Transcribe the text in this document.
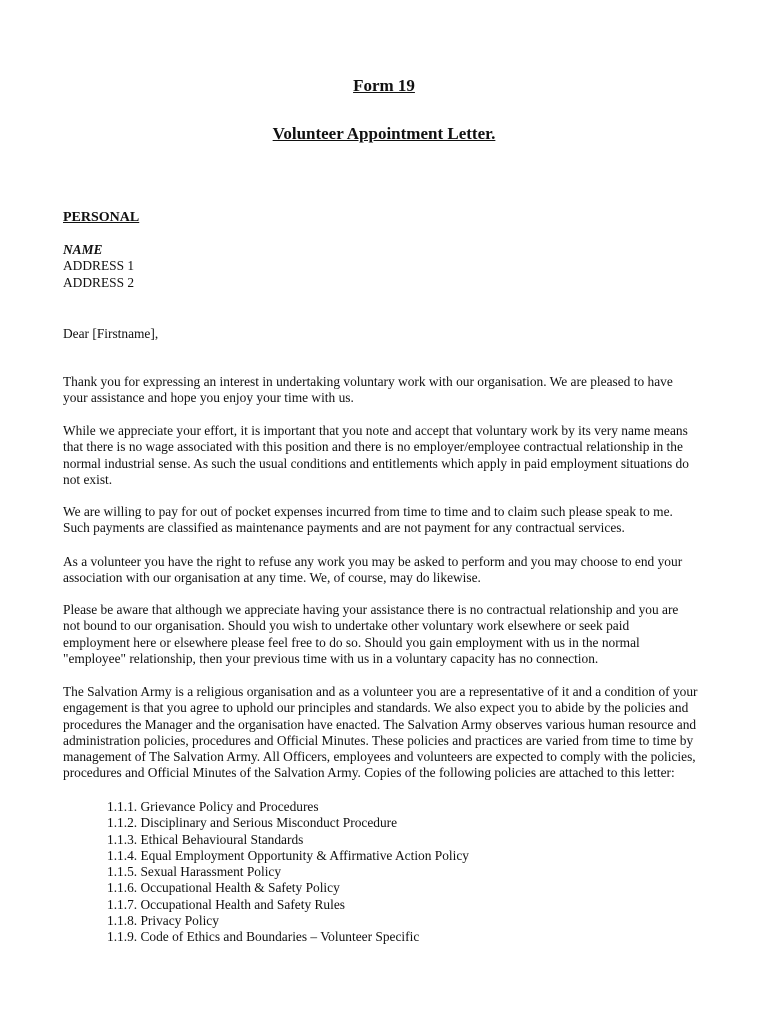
Form 19
Volunteer Appointment Letter.
PERSONAL
NAME
ADDRESS 1
ADDRESS 2
Dear [Firstname],
Thank you for expressing an interest in undertaking voluntary work with our organisation. We are pleased to have
your assistance and hope you enjoy your time with us.
While we appreciate your effort, it is important that you note and accept that voluntary work by its very name means
that there is no wage associated with this position and there is no employer/employee contractual relationship in the
normal industrial sense. As such the usual conditions and entitlements which apply in paid employment situations do
not exist.
We are willing to pay for out of pocket expenses incurred from time to time and to claim such please speak to me.
Such payments are classified as maintenance payments and are not payment for any contractual services.
As a volunteer you have the right to refuse any work you may be asked to perform and you may choose to end your
association with our organisation at any time. We, of course, may do likewise.
Please be aware that although we appreciate having your assistance there is no contractual relationship and you are
not bound to our organisation. Should you wish to undertake other voluntary work elsewhere or seek paid
employment here or elsewhere please feel free to do so. Should you gain employment with us in the normal
"employee" relationship, then your previous time with us in a voluntary capacity has no connection.
The Salvation Army is a religious organisation and as a volunteer you are a representative of it and a condition of your
engagement is that you agree to uphold our principles and standards. We also expect you to abide by the policies and
procedures the Manager and the organisation have enacted. The Salvation Army observes various human resource and
administration policies, procedures and Official Minutes. These policies and practices are varied from time to time by
management of The Salvation Army. All Officers, employees and volunteers are expected to comply with the policies,
procedures and Official Minutes of the Salvation Army. Copies of the following policies are attached to this letter:
1.1.1. Grievance Policy and Procedures
1.1.2. Disciplinary and Serious Misconduct Procedure
1.1.3. Ethical Behavioural Standards
1.1.4. Equal Employment Opportunity & Affirmative Action Policy
1.1.5. Sexual Harassment Policy
1.1.6. Occupational Health & Safety Policy
1.1.7. Occupational Health and Safety Rules
1.1.8. Privacy Policy
1.1.9. Code of Ethics and Boundaries – Volunteer Specific
